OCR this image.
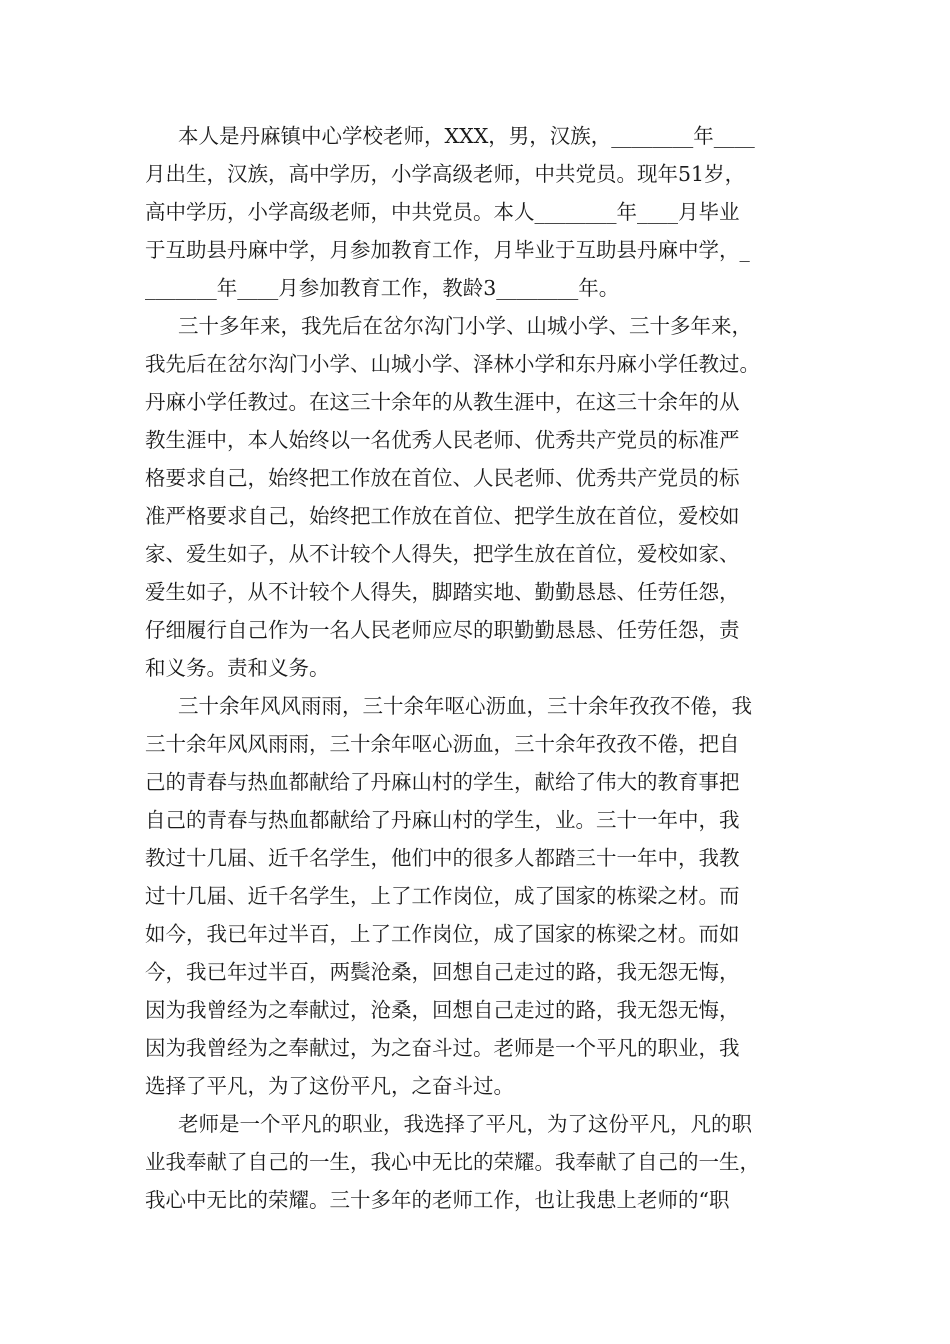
本人是丹麻镇中心学校老师，XXX，男，汉族，________年____
月出生，汉族，高中学历，小学高级老师，中共党员。现年51岁，
高中学历，小学高级老师，中共党员。本人________年____月毕业
于互助县丹麻中学，月参加教育工作，月毕业于互助县丹麻中学，_
_______年____月参加教育工作，教龄3________年。
三十多年来，我先后在岔尔沟门小学、山城小学、三十多年来，
我先后在岔尔沟门小学、山城小学、泽林小学和东丹麻小学任教过。
丹麻小学任教过。在这三十余年的从教生涯中，在这三十余年的从
教生涯中，本人始终以一名优秀人民老师、优秀共产党员的标准严
格要求自己，始终把工作放在首位、人民老师、优秀共产党员的标
准严格要求自己，始终把工作放在首位、把学生放在首位，爱校如
家、爱生如子，从不计较个人得失，把学生放在首位，爱校如家、
爱生如子，从不计较个人得失，脚踏实地、勤勤恳恳、任劳任怨，
仔细履行自己作为一名人民老师应尽的职勤勤恳恳、任劳任怨，责
和义务。责和义务。
三十余年风风雨雨，三十余年呕心沥血，三十余年孜孜不倦，我
三十余年风风雨雨，三十余年呕心沥血，三十余年孜孜不倦，把自
己的青春与热血都献给了丹麻山村的学生，献给了伟大的教育事把
自己的青春与热血都献给了丹麻山村的学生，业。三十一年中，我
教过十几届、近千名学生，他们中的很多人都踏三十一年中，我教
过十几届、近千名学生，上了工作岗位，成了国家的栋梁之材。而
如今，我已年过半百，上了工作岗位，成了国家的栋梁之材。而如
今，我已年过半百，两鬓沧桑，回想自己走过的路，我无怨无悔，
因为我曾经为之奉献过，沧桑，回想自己走过的路，我无怨无悔，
因为我曾经为之奉献过，为之奋斗过。老师是一个平凡的职业，我
选择了平凡，为了这份平凡，之奋斗过。
老师是一个平凡的职业，我选择了平凡，为了这份平凡，凡的职
业我奉献了自己的一生，我心中无比的荣耀。我奉献了自己的一生，
我心中无比的荣耀。三十多年的老师工作，也让我患上老师的“职
